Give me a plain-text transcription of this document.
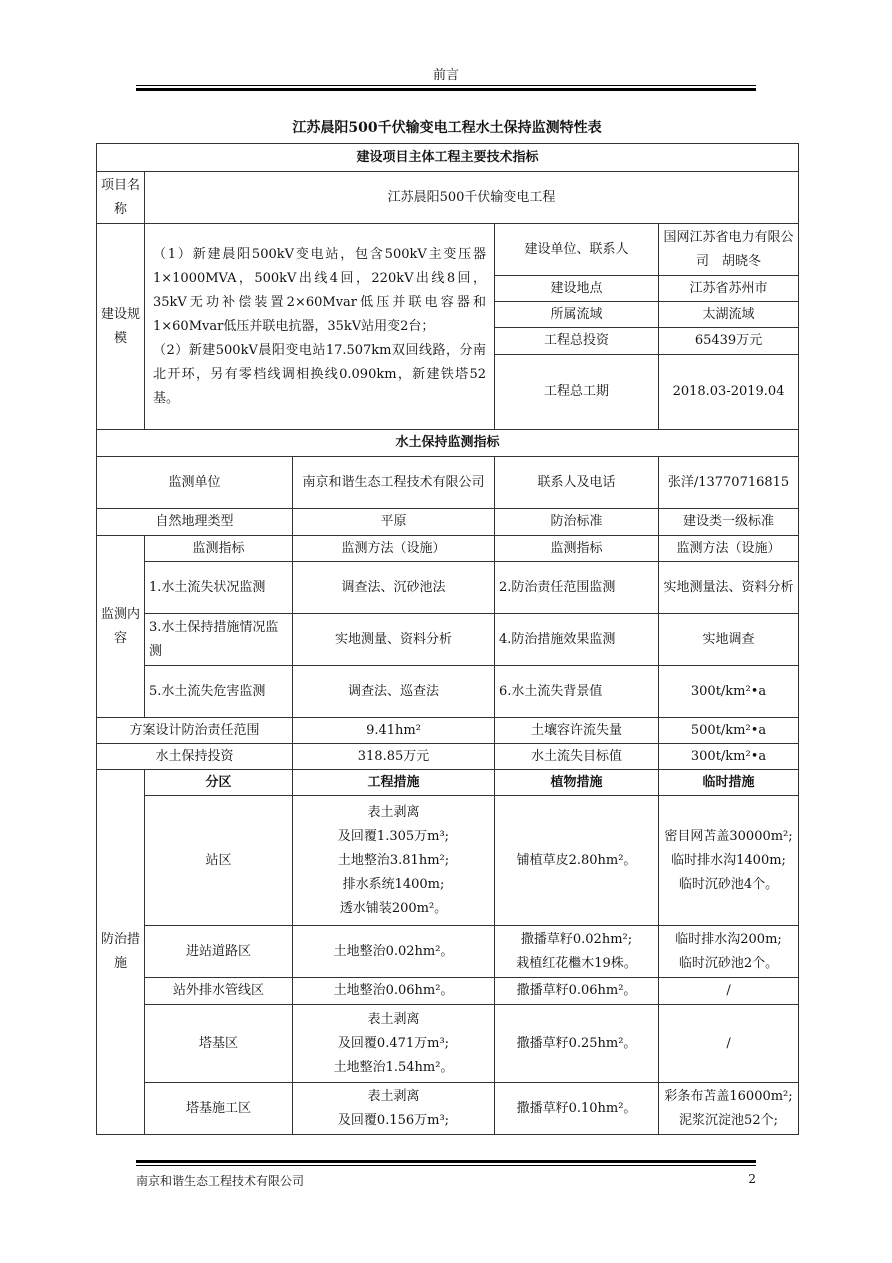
前言
江苏晨阳500千伏输变电工程水土保持监测特性表
建设项目主体工程主要技术指标				
项目名称	江苏晨阳500千伏输变电工程			
建设规模	（1）新建晨阳500kV变电站，包含500kV主变压器1×1000MVA，500kV出线4回，220kV出线8回，35kV无功补偿装置2×60Mvar低压并联电容器和1×60Mvar低压并联电抗器，35kV站用变2台；
（2）新建500kV晨阳变电站17.507km双回线路，分南北开环，另有零档线调相换线0.090km，新建铁塔52基。		建设单位、联系人	国网江苏省电力有限公司　胡晓冬
			建设地点	江苏省苏州市
			所属流域	太湖流域
			工程总投资	65439万元
			工程总工期	2018.03-2019.04
水土保持监测指标				
监测单位		南京和谐生态工程技术有限公司	联系人及电话	张洋/13770716815
自然地理类型		平原	防治标准	建设类一级标准
监测内容	监测指标	监测方法（设施）	监测指标	监测方法（设施）
	1.水土流失状况监测	调查法、沉砂池法	2.防治责任范围监测	实地测量法、资料分析
	3.水土保持措施情况监测	实地测量、资料分析	4.防治措施效果监测	实地调查
	5.水土流失危害监测	调查法、巡查法	6.水土流失背景值	300t/km²•a
方案设计防治责任范围		9.41hm²	土壤容许流失量	500t/km²•a
水土保持投资		318.85万元	水土流失目标值	300t/km²•a
防治措施	分区	工程措施	植物措施	临时措施
	站区	表土剥离
及回覆1.305万m³;
土地整治3.81hm²;
排水系统1400m;
透水铺装200m²。	铺植草皮2.80hm²。	密目网苫盖30000m²;
临时排水沟1400m;
临时沉砂池4个。

	进站道路区	土地整治0.02hm²。	撒播草籽0.02hm²;
栽植红花檵木19株。	临时排水沟200m;
临时沉砂池2个。

	站外排水管线区	土地整治0.06hm²。	撒播草籽0.06hm²。	/

	塔基区	表土剥离
及回覆0.471万m³;
土地整治1.54hm²。	撒播草籽0.25hm²。	/

	塔基施工区	表土剥离
及回覆0.156万m³;	撒播草籽0.10hm²。	彩条布苫盖16000m²;
泥浆沉淀池52个;
南京和谐生态工程技术有限公司	2
